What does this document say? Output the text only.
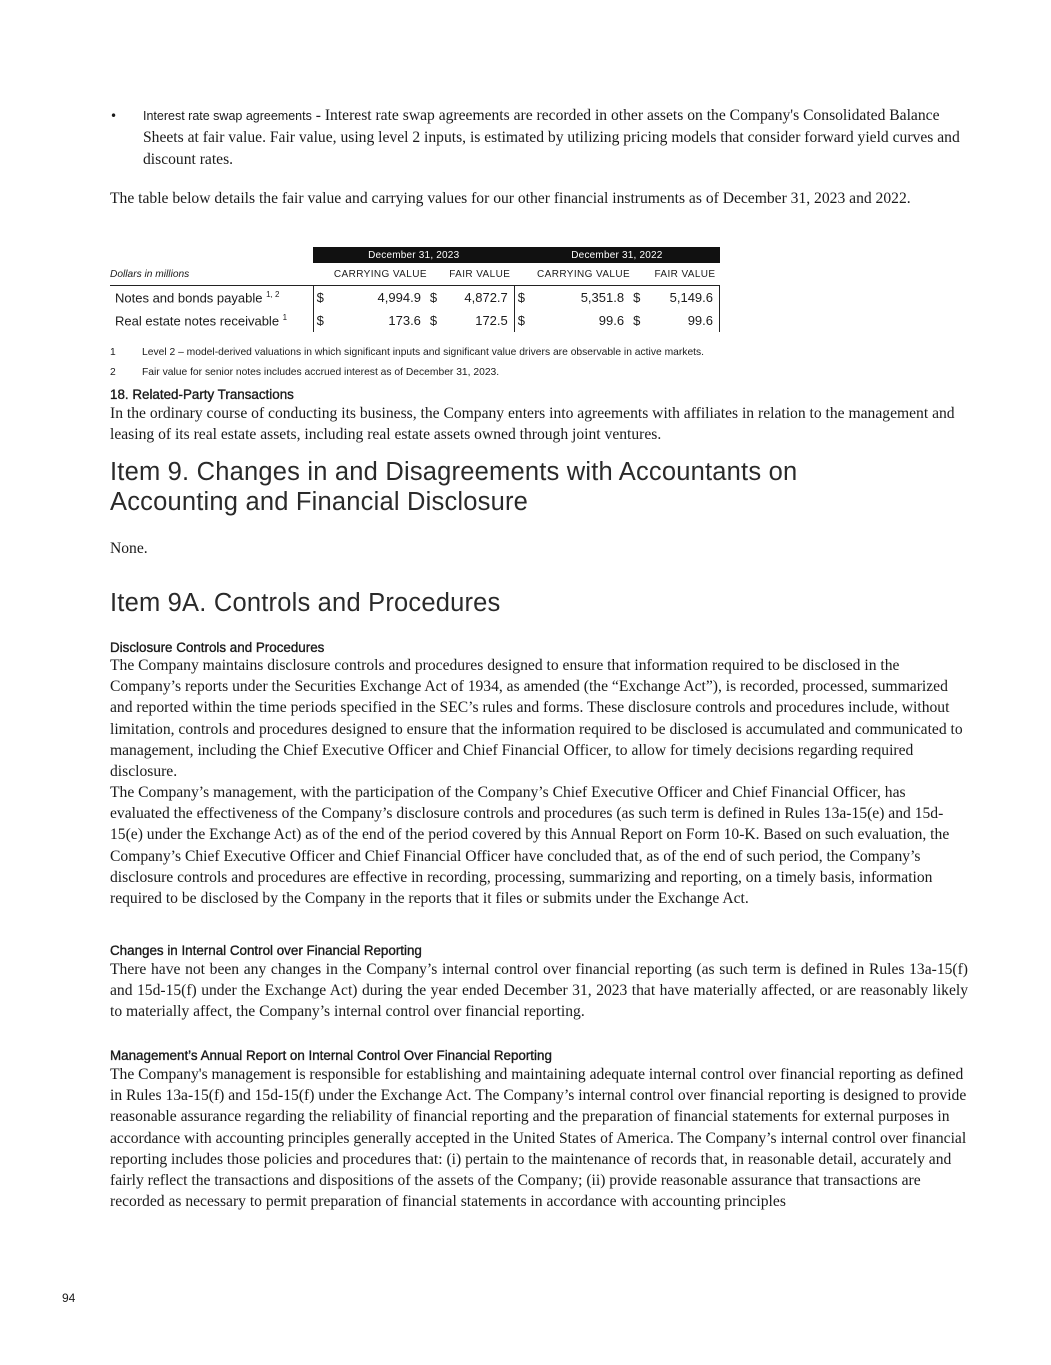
• Interest rate swap agreements - Interest rate swap agreements are recorded in other assets on the Company's Consolidated Balance Sheets at fair value. Fair value, using level 2 inputs, is estimated by utilizing pricing models that consider forward yield curves and discount rates.
The table below details the fair value and carrying values for our other financial instruments as of December 31, 2023 and 2022.
	December 31, 2023				December 31, 2022			
Dollars in millions	CARRYING VALUE		FAIR VALUE		CARRYING VALUE		FAIR VALUE	
Notes and bonds payable $^{1, 2}$	$	4,994.9	$	4,872.7	$	5,351.8	$	5,149.6
Real estate notes receivable $^1$	$	173.6	$	172.5	$	99.6	$	99.6
1	Level 2 – model-derived valuations in which significant inputs and significant value drivers are observable in active markets.
2	Fair value for senior notes includes accrued interest as of December 31, 2023.
18. Related-Party Transactions
In the ordinary course of conducting its business, the Company enters into agreements with affiliates in relation to the management and leasing of its real estate assets, including real estate assets owned through joint ventures.
Item 9. Changes in and Disagreements with Accountants on
Accounting and Financial Disclosure
None.
Item 9A. Controls and Procedures
Disclosure Controls and Procedures
The Company maintains disclosure controls and procedures designed to ensure that information required to be disclosed in the Company’s reports under the Securities Exchange Act of 1934, as amended (the “Exchange Act”), is recorded, processed, summarized and reported within the time periods specified in the SEC’s rules and forms. These disclosure controls and procedures include, without limitation, controls and procedures designed to ensure that the information required to be disclosed is accumulated and communicated to management, including the Chief Executive Officer and Chief Financial Officer, to allow for timely decisions regarding required disclosure.
The Company’s management, with the participation of the Company’s Chief Executive Officer and Chief Financial Officer, has evaluated the effectiveness of the Company’s disclosure controls and procedures (as such term is defined in Rules 13a-15(e) and 15d-15(e) under the Exchange Act) as of the end of the period covered by this Annual Report on Form 10-K. Based on such evaluation, the Company’s Chief Executive Officer and Chief Financial Officer have concluded that, as of the end of such period, the Company’s disclosure controls and procedures are effective in recording, processing, summarizing and reporting, on a timely basis, information required to be disclosed by the Company in the reports that it files or submits under the Exchange Act.
Changes in Internal Control over Financial Reporting
There have not been any changes in the Company’s internal control over financial reporting (as such term is defined in Rules 13a-15(f) and 15d-15(f) under the Exchange Act) during the year ended December 31, 2023 that have materially affected, or are reasonably likely to materially affect, the Company’s internal control over financial reporting.
Management’s Annual Report on Internal Control Over Financial Reporting
The Company's management is responsible for establishing and maintaining adequate internal control over financial reporting as defined in Rules 13a-15(f) and 15d-15(f) under the Exchange Act. The Company’s internal control over financial reporting is designed to provide reasonable assurance regarding the reliability of financial reporting and the preparation of financial statements for external purposes in accordance with accounting principles generally accepted in the United States of America. The Company’s internal control over financial reporting includes those policies and procedures that: (i) pertain to the maintenance of records that, in reasonable detail, accurately and fairly reflect the transactions and dispositions of the assets of the Company; (ii) provide reasonable assurance that transactions are recorded as necessary to permit preparation of financial statements in accordance with accounting principles
94
